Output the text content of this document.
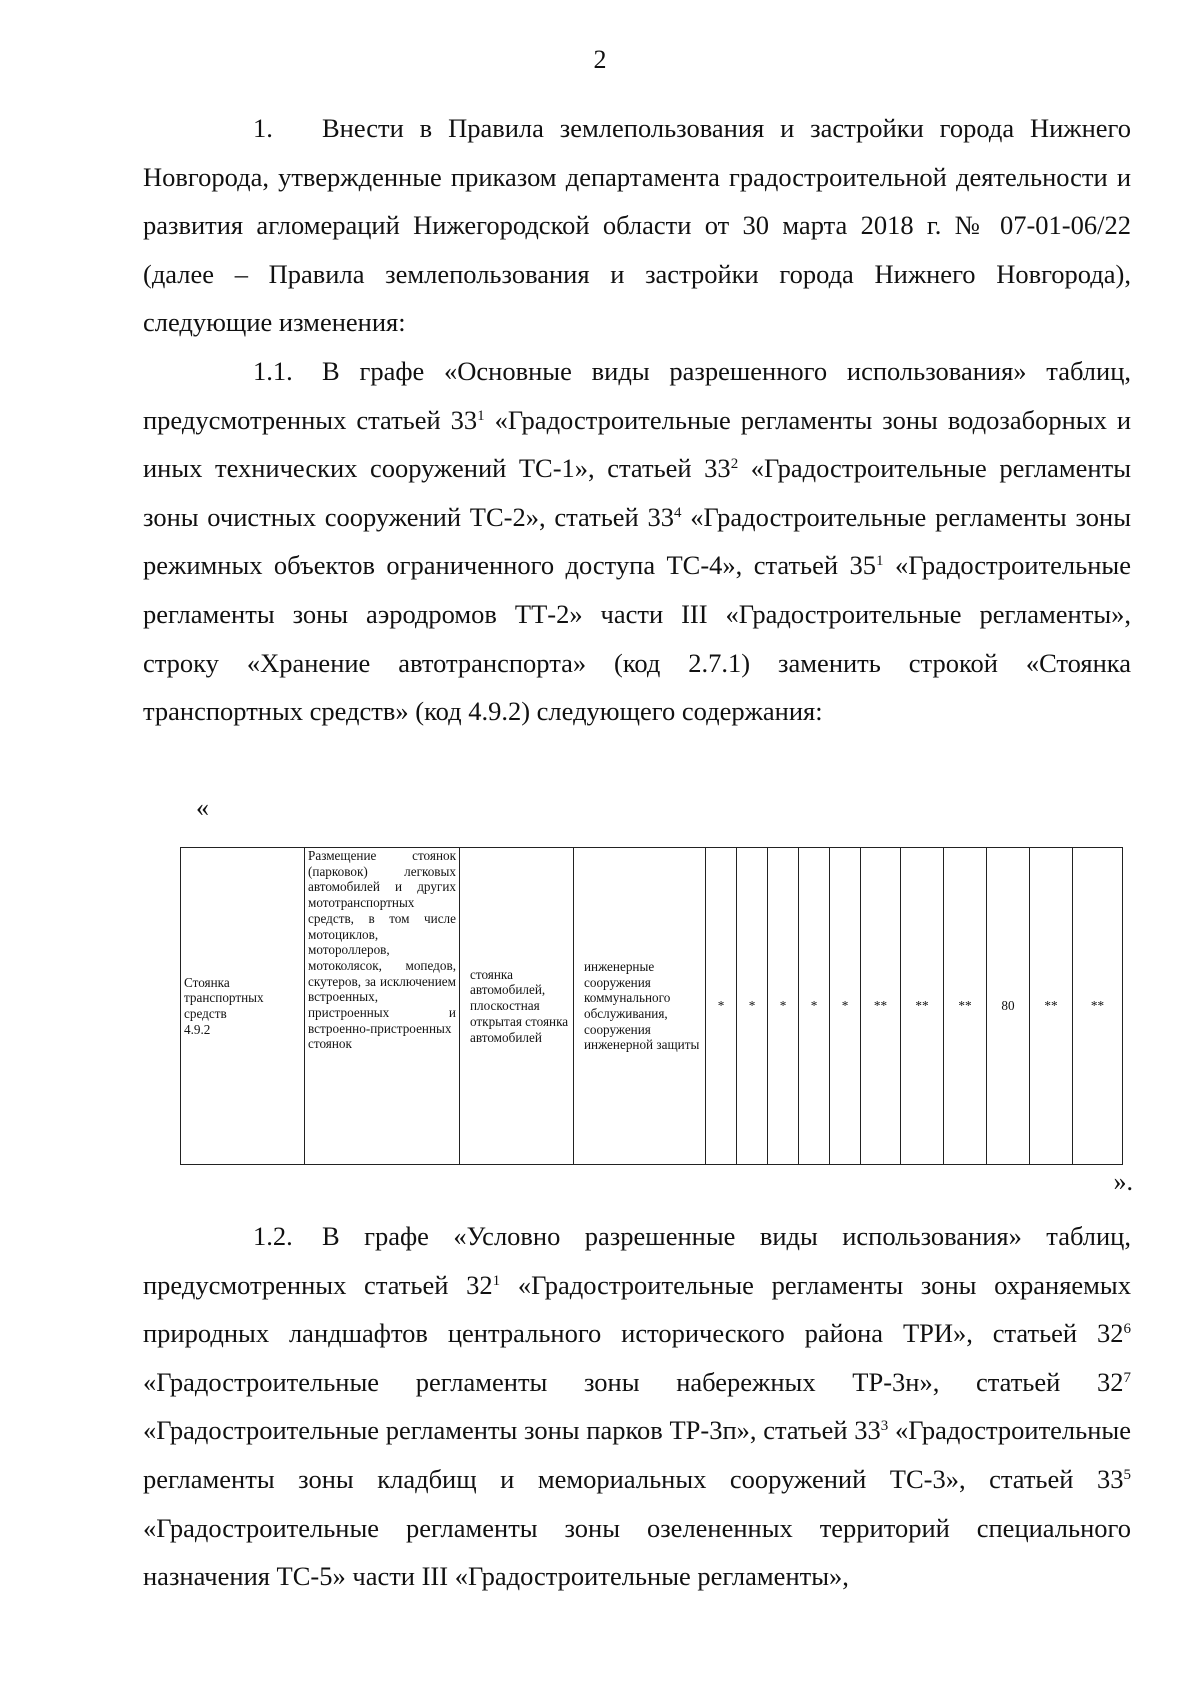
2

1. Внести в Правила землепользования и застройки города Нижнего Новгорода, утвержденные приказом департамента градостроительной деятельности и развития агломераций Нижегородской области от 30 марта 2018 г. № 07-01-06/22 (далее – Правила землепользования и застройки города Нижнего Новгорода), следующие изменения:

1.1. В графе «Основные виды разрешенного использования» таблиц, предусмотренных статьей $33^1$ «Градостроительные регламенты зоны водозаборных и иных технических сооружений ТС-1», статьей $33^2$ «Градостроительные регламенты зоны очистных сооружений ТС-2», статьей $33^4$ «Градостроительные регламенты зоны режимных объектов ограниченного доступа ТС-4», статьей $35^1$ «Градостроительные регламенты зоны аэродромов ТТ-2» части III «Градостроительные регламенты», строку «Хранение автотранспорта» (код 2.7.1) заменить строкой «Стоянка транспортных средств» (код 4.9.2) следующего содержания:

«
Стоянка транспортных средств
4.9.2	Размещение стоянок (парковок) легковых автомобилей и других мототранспортных средств, в том числе мотоциклов, мотороллеров, мотоколясок, мопедов, скутеров, за исключением встроенных, пристроенных и встроенно-пристроенных стоянок	стоянка автомобилей, плоскостная открытая стоянка автомобилей	инженерные сооружения коммунального обслуживания, сооружения инженерной защиты	*	*	*	*	*	**	**	**	80	**	**
».

1.2. В графе «Условно разрешенные виды использования» таблиц, предусмотренных статьей $32^1$ «Градостроительные регламенты зоны охраняемых природных ландшафтов центрального исторического района ТРИ», статьей $32^6$ «Градостроительные регламенты зоны набережных ТР-3н», статьей $32^7$ «Градостроительные регламенты зоны парков ТР-3п», статьей $33^3$ «Градостроительные регламенты зоны кладбищ и мемориальных сооружений ТС-3», статьей $33^5$ «Градостроительные регламенты зоны озелененных территорий специального назначения ТС-5» части III «Градостроительные регламенты»,
